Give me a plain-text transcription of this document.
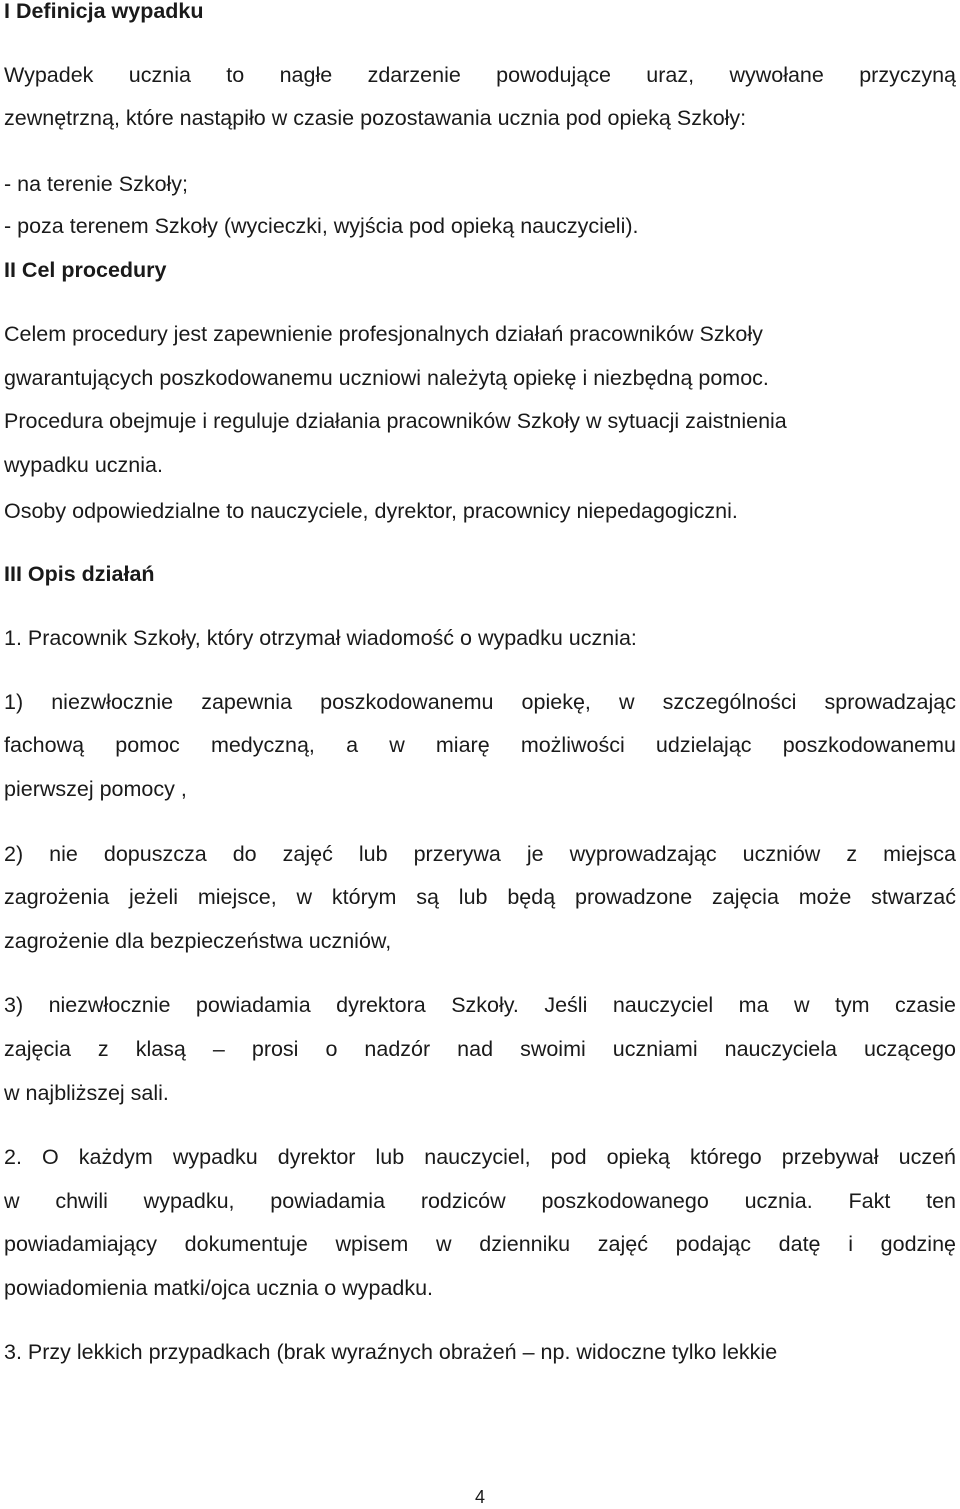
I Definicja wypadku
Wypadek ucznia to nagłe zdarzenie powodujące uraz, wywołane przyczyną
zewnętrzną, które nastąpiło w czasie pozostawania ucznia pod opieką Szkoły:
- na terenie Szkoły;
- poza terenem Szkoły (wycieczki, wyjścia pod opieką nauczycieli).
II Cel procedury
Celem procedury jest zapewnienie profesjonalnych działań pracowników Szkoły
gwarantujących poszkodowanemu uczniowi należytą opiekę i niezbędną pomoc.
Procedura obejmuje i reguluje działania pracowników Szkoły w sytuacji zaistnienia
wypadku ucznia.
Osoby odpowiedzialne to nauczyciele, dyrektor, pracownicy niepedagogiczni.
III Opis działań
1. Pracownik Szkoły, który otrzymał wiadomość o wypadku ucznia:
1) niezwłocznie zapewnia poszkodowanemu opiekę, w szczególności sprowadzając
fachową pomoc medyczną, a w miarę możliwości udzielając poszkodowanemu
pierwszej pomocy ,
2) nie dopuszcza do zajęć lub przerywa je wyprowadzając uczniów z miejsca
zagrożenia jeżeli miejsce, w którym są lub będą prowadzone zajęcia może stwarzać
zagrożenie dla bezpieczeństwa uczniów,
3) niezwłocznie powiadamia dyrektora Szkoły. Jeśli nauczyciel ma w tym czasie
zajęcia z klasą – prosi o nadzór nad swoimi uczniami nauczyciela uczącego
w najbliższej sali.
2. O każdym wypadku dyrektor lub nauczyciel, pod opieką którego przebywał uczeń
w chwili wypadku, powiadamia rodziców poszkodowanego ucznia. Fakt ten
powiadamiający dokumentuje wpisem w dzienniku zajęć podając datę i godzinę
powiadomienia matki/ojca ucznia o wypadku.
3. Przy lekkich przypadkach (brak wyraźnych obrażeń – np. widoczne tylko lekkie
4
